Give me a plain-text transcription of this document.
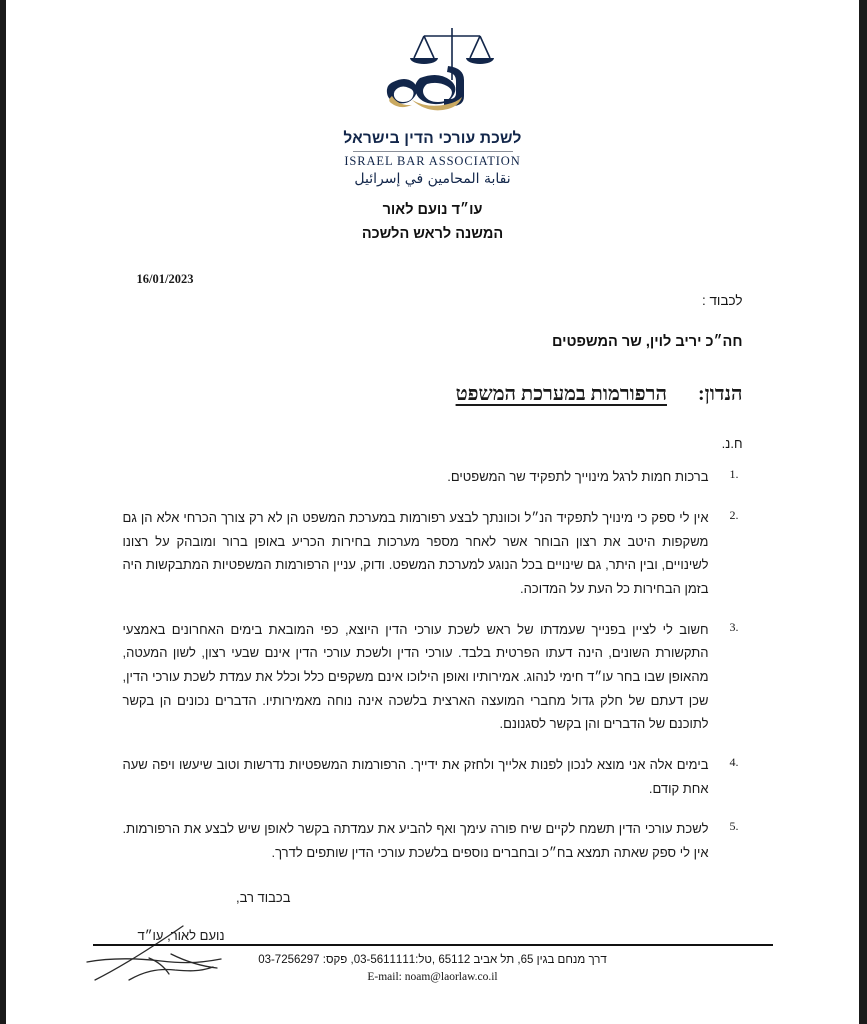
לשכת עורכי הדין בישראל
ISRAEL BAR ASSOCIATION
نقابة المحامين في إسرائيل
עו״ד נועם לאור
המשנה לראש הלשכה
16/01/2023
לכבוד :
חה״כ יריב לוין, שר המשפטים
הנדון: הרפורמות במערכת המשפט
ח.נ.
1.
ברכות חמות לרגל מינוייך לתפקיד שר המשפטים.
2.
אין לי ספק כי מינויך לתפקיד הנ״ל וכוונתך לבצע רפורמות במערכת המשפט הן לא רק צורך הכרחי אלא הן גם משקפות היטב את רצון הבוחר אשר לאחר מספר מערכות בחירות הכריע באופן ברור ומובהק על רצונו לשינויים, ובין היתר, גם שינויים בכל הנוגע למערכת המשפט. ודוק, עניין הרפורמות המשפטיות המתבקשות היה בזמן הבחירות כל העת על המדוכה.
3.
חשוב לי לציין בפנייך שעמדתו של ראש לשכת עורכי הדין היוצא, כפי המובאת בימים האחרונים באמצעי התקשורת השונים, הינה דעתו הפרטית בלבד. עורכי הדין ולשכת עורכי הדין אינם שבעי רצון, לשון המעטה, מהאופן שבו בחר עו״ד חימי לנהוג. אמירותיו ואופן הילוכו אינם משקפים כלל וכלל את עמדת לשכת עורכי הדין, שכן דעתם של חלק גדול מחברי המועצה הארצית בלשכה אינה נוחה מאמירותיו. הדברים נכונים הן בקשר לתוכנם של הדברים והן בקשר לסגנונם.
4.
בימים אלה אני מוצא לנכון לפנות אלייך ולחזק את ידייך. הרפורמות המשפטיות נדרשות וטוב שיעשו ויפה שעה אחת קודם.
5.
לשכת עורכי הדין תשמח לקיים שיח פורה עימך ואף להביע את עמדתה בקשר לאופן שיש לבצע את הרפורמות. אין לי ספק שאתה תמצא בח״כ ובחברים נוספים בלשכת עורכי הדין שותפים לדרך.
בכבוד רב,
נועם לאור, עו״ד
דרך מנחם בגין 65, תל אביב 65112 ,טל:03-5611111, פקס: 03-7256297
E-mail: noam@laorlaw.co.il
